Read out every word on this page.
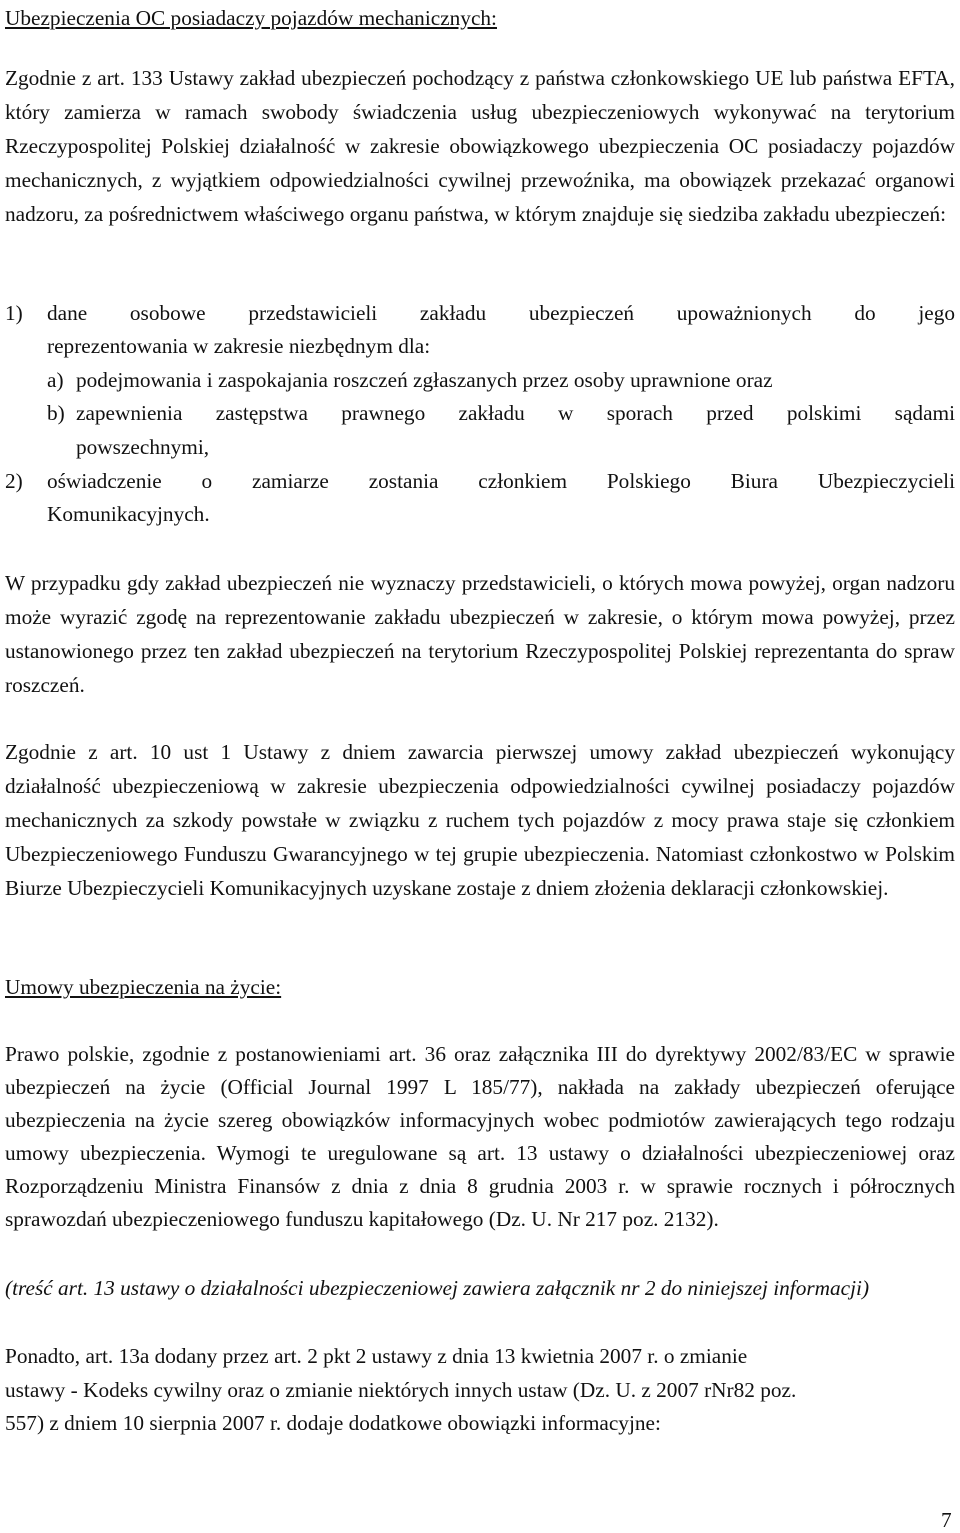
Ubezpieczenia OC posiadaczy pojazdów mechanicznych:

Zgodnie z art. 133 Ustawy zakład ubezpieczeń pochodzący z państwa członkowskiego UE lub państwa EFTA, który zamierza w ramach swobody świadczenia usług ubezpieczeniowych wykonywać na terytorium Rzeczypospolitej Polskiej działalność w zakresie obowiązkowego ubezpieczenia OC posiadaczy pojazdów mechanicznych, z wyjątkiem odpowiedzialności cywilnej przewoźnika, ma obowiązek przekazać organowi nadzoru, za pośrednictwem właściwego organu państwa, w którym znajduje się siedziba zakładu ubezpieczeń:

1) dane osobowe przedstawicieli zakładu ubezpieczeń upoważnionych do jego
reprezentowania w zakresie niezbędnym dla:
a) podejmowania i zaspokajania roszczeń zgłaszanych przez osoby uprawnione oraz
b) zapewnienia zastępstwa prawnego zakładu w sporach przed polskimi sądami
powszechnymi,
2) oświadczenie o zamiarze zostania członkiem Polskiego Biura Ubezpieczycieli
Komunikacyjnych.

W przypadku gdy zakład ubezpieczeń nie wyznaczy przedstawicieli, o których mowa powyżej, organ nadzoru może wyrazić zgodę na reprezentowanie zakładu ubezpieczeń w zakresie, o którym mowa powyżej, przez ustanowionego przez ten zakład ubezpieczeń na terytorium Rzeczypospolitej Polskiej reprezentanta do spraw roszczeń.

Zgodnie z art. 10 ust 1 Ustawy z dniem zawarcia pierwszej umowy zakład ubezpieczeń wykonujący działalność ubezpieczeniową w zakresie ubezpieczenia odpowiedzialności cywilnej posiadaczy pojazdów mechanicznych za szkody powstałe w związku z ruchem tych pojazdów z mocy prawa staje się członkiem Ubezpieczeniowego Funduszu Gwarancyjnego w tej grupie ubezpieczenia. Natomiast członkostwo w Polskim Biurze Ubezpieczycieli Komunikacyjnych uzyskane zostaje z dniem złożenia deklaracji członkowskiej.

Umowy ubezpieczenia na życie:

Prawo polskie, zgodnie z postanowieniami art. 36 oraz załącznika III do dyrektywy 2002/83/EC w sprawie ubezpieczeń na życie (Official Journal 1997 L 185/77), nakłada na zakłady ubezpieczeń oferujące ubezpieczenia na życie szereg obowiązków informacyjnych wobec podmiotów zawierających tego rodzaju umowy ubezpieczenia. Wymogi te uregulowane są art. 13 ustawy o działalności ubezpieczeniowej oraz Rozporządzeniu Ministra Finansów z dnia z dnia 8 grudnia 2003 r. w sprawie rocznych i półrocznych sprawozdań ubezpieczeniowego funduszu kapitałowego (Dz. U. Nr 217 poz. 2132).

(treść art. 13 ustawy o działalności ubezpieczeniowej zawiera załącznik nr 2 do niniejszej informacji)

Ponadto, art. 13a dodany przez art. 2 pkt 2 ustawy z dnia 13 kwietnia 2007 r. o zmianie
ustawy - Kodeks cywilny oraz o zmianie niektórych innych ustaw (Dz. U. z 2007 rNr82 poz.
557) z dniem 10 sierpnia 2007 r. dodaje dodatkowe obowiązki informacyjne:
7
